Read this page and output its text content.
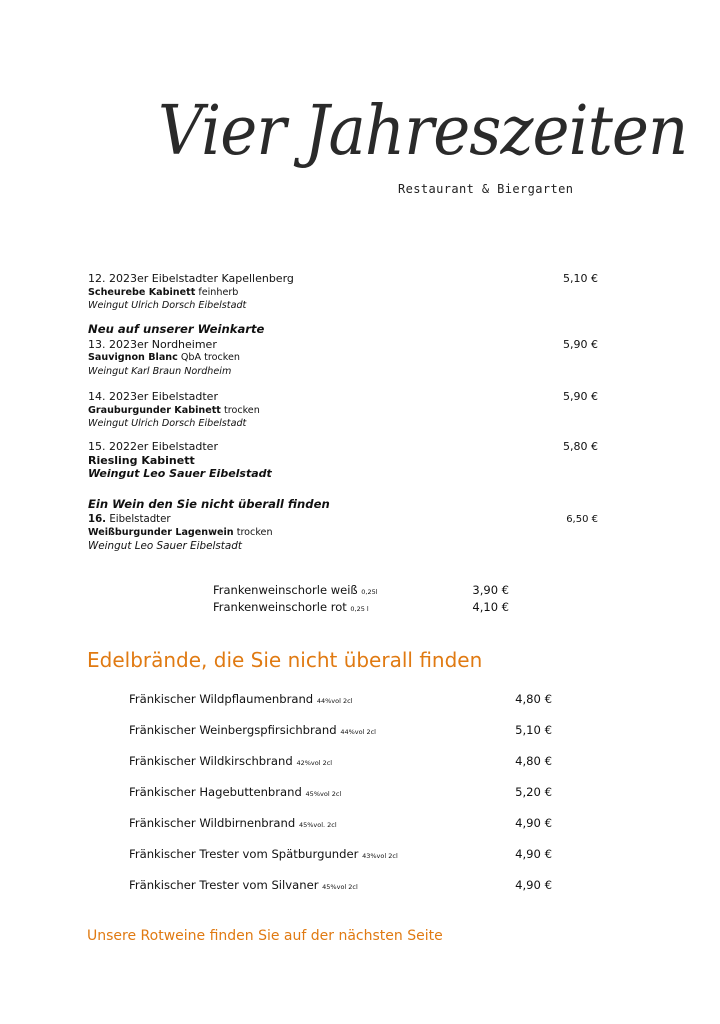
Vier Jahreszeiten
Restaurant & Biergarten
12. 2023er Eibelstadter Kapellenberg	5,10 €
Scheurebe Kabinett feinherb
Weingut Ulrich Dorsch Eibelstadt
Neu auf unserer Weinkarte
13. 2023er Nordheimer	5,90 €
Sauvignon Blanc QbA trocken
Weingut Karl Braun Nordheim
14. 2023er Eibelstadter	5,90 €
Grauburgunder Kabinett trocken
Weingut Ulrich Dorsch Eibelstadt
15. 2022er Eibelstadter	5,80 €
Riesling Kabinett
Weingut Leo Sauer Eibelstadt
Ein Wein den Sie nicht überall finden
16. Eibelstadter	6,50 €
Weißburgunder Lagenwein trocken
Weingut Leo Sauer Eibelstadt
Frankenweinschorle weiß 0,25l	3,90 €
Frankenweinschorle rot 0,25 l	4,10 €
Edelbrände, die Sie nicht überall finden
Fränkischer Wildpflaumenbrand 44%vol 2cl	4,80 €
Fränkischer Weinbergspfirsichbrand 44%vol 2cl	5,10 €
Fränkischer Wildkirschbrand 42%vol 2cl	4,80 €
Fränkischer Hagebuttenbrand 45%vol 2cl	5,20 €
Fränkischer Wildbirnenbrand 45%vol. 2cl	4,90 €
Fränkischer Trester vom Spätburgunder 43%vol 2cl	4,90 €
Fränkischer Trester vom Silvaner 45%vol 2cl	4,90 €
Unsere Rotweine finden Sie auf der nächsten Seite
